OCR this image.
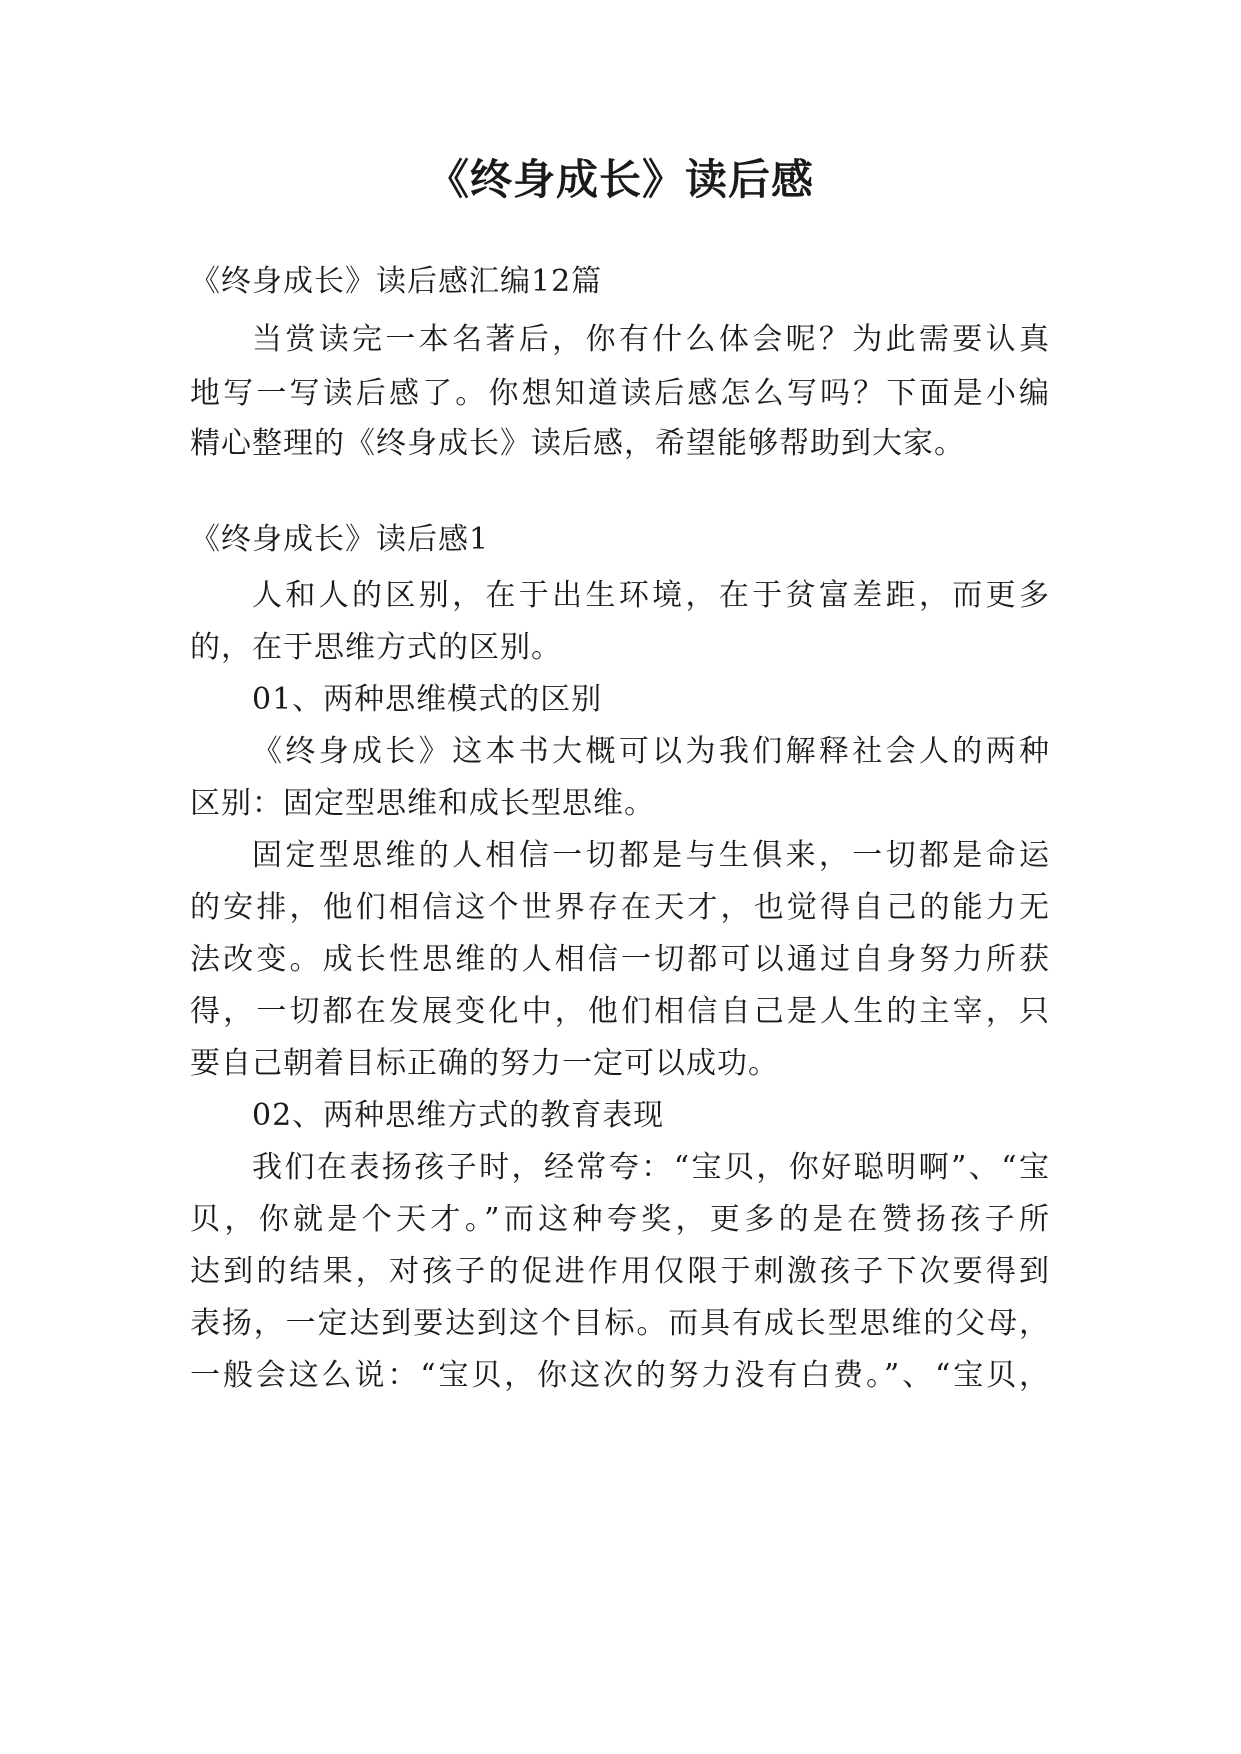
《终身成长》读后感
《终身成长》读后感汇编12篇
当赏读完一本名著后，你有什么体会呢？为此需要认真
地写一写读后感了。你想知道读后感怎么写吗？下面是小编
精心整理的《终身成长》读后感，希望能够帮助到大家。
《终身成长》读后感1
人和人的区别，在于出生环境，在于贫富差距，而更多
的，在于思维方式的区别。
01、两种思维模式的区别
《终身成长》这本书大概可以为我们解释社会人的两种
区别：固定型思维和成长型思维。
固定型思维的人相信一切都是与生俱来，一切都是命运
的安排，他们相信这个世界存在天才，也觉得自己的能力无
法改变。成长性思维的人相信一切都可以通过自身努力所获
得，一切都在发展变化中，他们相信自己是人生的主宰，只
要自己朝着目标正确的努力一定可以成功。
02、两种思维方式的教育表现
我们在表扬孩子时，经常夸：“宝贝，你好聪明啊”、“宝
贝，你就是个天才。”而这种夸奖，更多的是在赞扬孩子所
达到的结果，对孩子的促进作用仅限于刺激孩子下次要得到
表扬，一定达到要达到这个目标。而具有成长型思维的父母，
一般会这么说：“宝贝，你这次的努力没有白费。”、“宝贝，
